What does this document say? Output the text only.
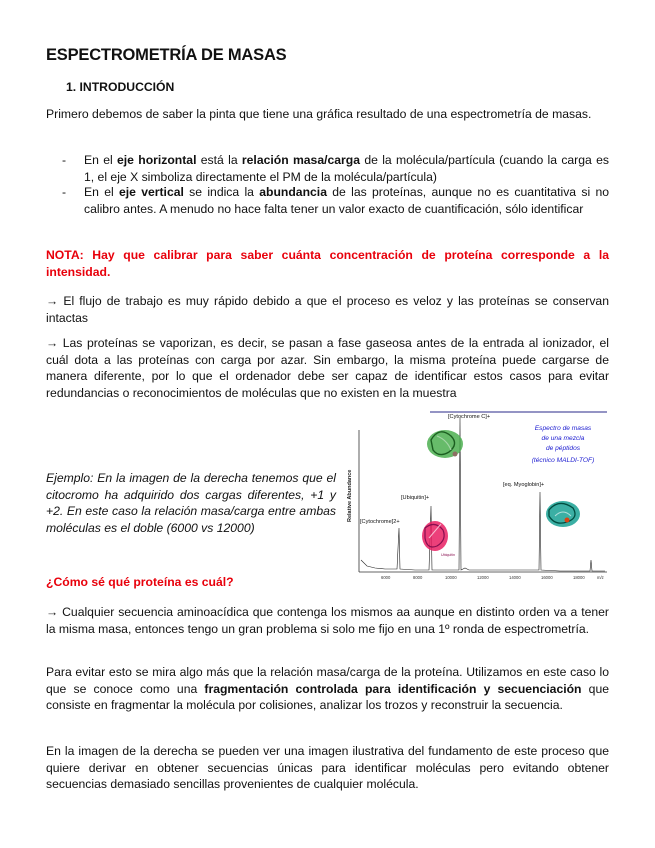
ESPECTROMETRÍA DE MASAS
1. INTRODUCCIÓN

Primero debemos de saber la pinta que tiene una gráfica resultado de una espectrometría de masas.

- En el eje horizontal está la relación masa/carga de la molécula/partícula (cuando la carga es 1, el eje X simboliza directamente el PM de la molécula/partícula)
- En el eje vertical se indica la abundancia de las proteínas, aunque no es cuantitativa si no calibro antes. A menudo no hace falta tener un valor exacto de cuantificación, sólo identificar

NOTA: Hay que calibrar para saber cuánta concentración de proteína corresponde a la intensidad.

→ El flujo de trabajo es muy rápido debido a que el proceso es veloz y las proteínas se conservan intactas

→ Las proteínas se vaporizan, es decir, se pasan a fase gaseosa antes de la entrada al ionizador, el cuál dota a las proteínas con carga por azar. Sin embargo, la misma proteína puede cargarse de manera diferente, por lo que el ordenador debe ser capaz de identificar estos casos para evitar redundancias o reconocimientos de moléculas que no existen en la muestra

Ejemplo: En la imagen de la derecha tenemos que el citocromo ha adquirido dos cargas diferentes, +1 y +2. En este caso la relación masa/carga entre ambas moléculas es el doble (6000 vs 12000)

Relative Abundance
6000	8000	10000	12000	14000	16000	18000	m/z
[Cytochrome C]+
[Ubiquitin]+
[eq. Myoglobin]+
[Cytochrome]2+
Espectro de masas
de una mezcla
de péptidos
(técnico MALDI-TOF)
Ubiquitin

¿Cómo sé qué proteína es cuál?

→ Cualquier secuencia aminoacídica que contenga los mismos aa aunque en distinto orden va a tener la misma masa, entonces tengo un gran problema si solo me fijo en una 1º ronda de espectrometría.

Para evitar esto se mira algo más que la relación masa/carga de la proteína. Utilizamos en este caso lo que se conoce como una fragmentación controlada para identificación y secuenciación que consiste en fragmentar la molécula por colisiones, analizar los trozos y reconstruir la secuencia.

En la imagen de la derecha se pueden ver una imagen ilustrativa del fundamento de este proceso que quiere derivar en obtener secuencias únicas para identificar moléculas pero evitando obtener secuencias demasiado sencillas provenientes de cualquier molécula.
